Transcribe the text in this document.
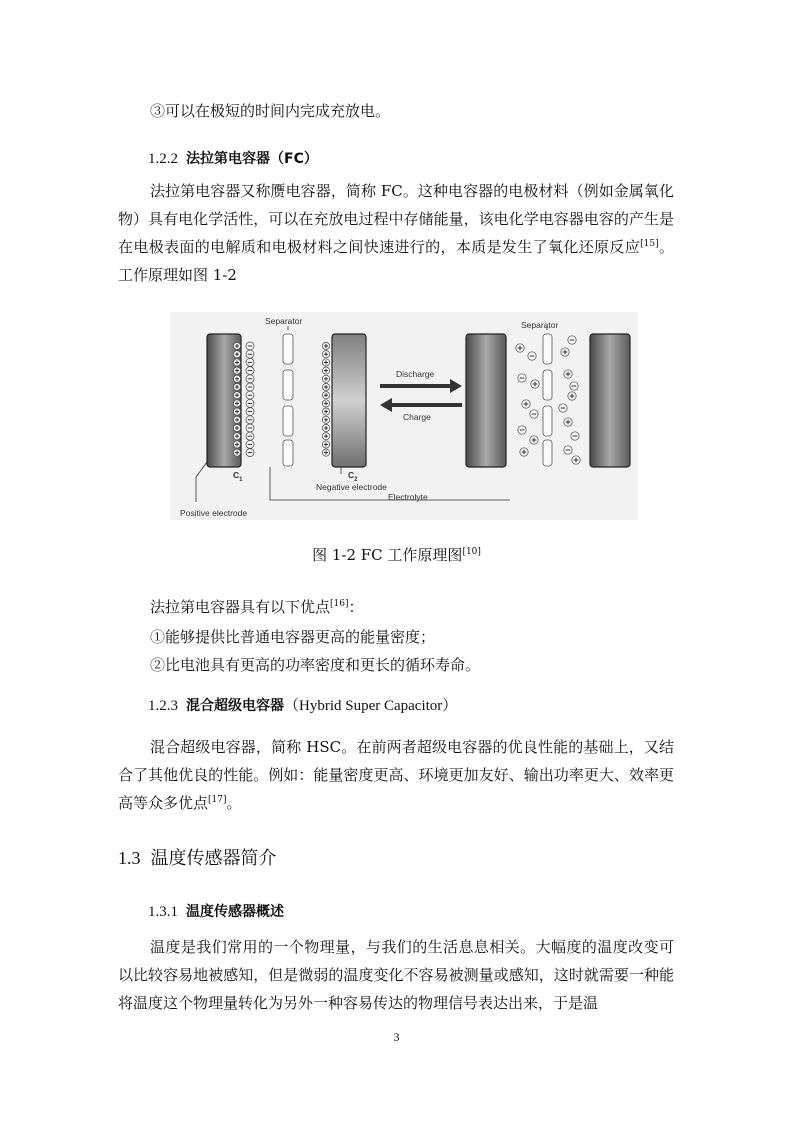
③可以在极短的时间内完成充放电。
1.2.2 法拉第电容器（FC）
法拉第电容器又称赝电容器，简称 FC。这种电容器的电极材料（例如金属氧化物）具有电化学活性，可以在充放电过程中存储能量，该电化学电容器电容的产生是在电极表面的电解质和电极材料之间快速进行的，本质是发生了氧化还原反应[15]。工作原理如图 1-2
Separator	Separator
Discharge
Charge
$C_1$	$C_2$
Negative electrode
Electrolyte
Positive electrode
图 1-2 FC 工作原理图[10]
法拉第电容器具有以下优点[16]：
①能够提供比普通电容器更高的能量密度；
②比电池具有更高的功率密度和更长的循环寿命。
1.2.3 混合超级电容器（Hybrid Super Capacitor）
混合超级电容器，简称 HSC。在前两者超级电容器的优良性能的基础上，又结合了其他优良的性能。例如：能量密度更高、环境更加友好、输出功率更大、效率更高等众多优点[17]。
1.3 温度传感器简介
1.3.1 温度传感器概述
温度是我们常用的一个物理量，与我们的生活息息相关。大幅度的温度改变可以比较容易地被感知，但是微弱的温度变化不容易被测量或感知，这时就需要一种能将温度这个物理量转化为另外一种容易传达的物理信号表达出来，于是温
3
